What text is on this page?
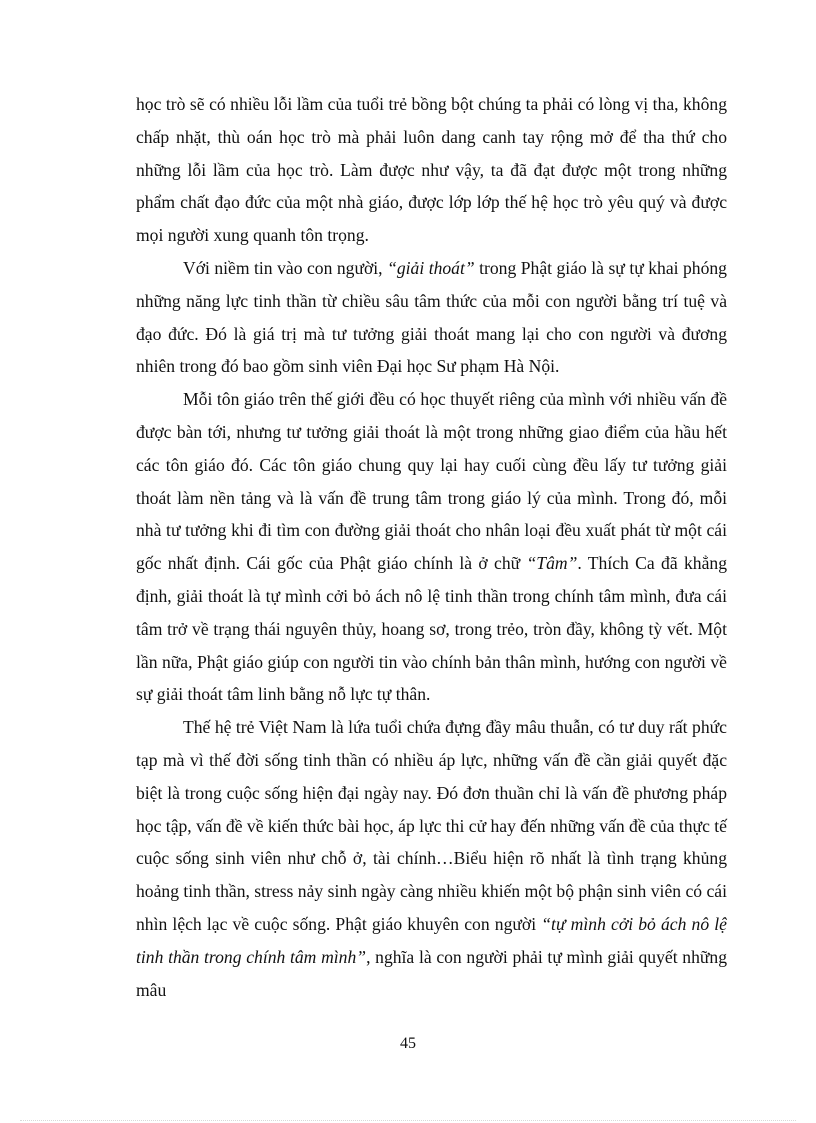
học trò sẽ có nhiều lỗi lầm của tuổi trẻ bồng bột chúng ta phải có lòng vị tha, không chấp nhặt, thù oán học trò mà phải luôn dang canh tay rộng mở để tha thứ cho những lỗi lầm của học trò. Làm được như vậy, ta đã đạt được một trong những phẩm chất đạo đức của một nhà giáo, được lớp lớp thế hệ học trò yêu quý và được mọi người xung quanh tôn trọng.

Với niềm tin vào con người, “giải thoát” trong Phật giáo là sự tự khai phóng những năng lực tinh thần từ chiều sâu tâm thức của mỗi con người bằng trí tuệ và đạo đức. Đó là giá trị mà tư tưởng giải thoát mang lại cho con người và đương nhiên trong đó bao gồm sinh viên Đại học Sư phạm Hà Nội.

Mỗi tôn giáo trên thế giới đều có học thuyết riêng của mình với nhiều vấn đề được bàn tới, nhưng tư tưởng giải thoát là một trong những giao điểm của hầu hết các tôn giáo đó. Các tôn giáo chung quy lại hay cuối cùng đều lấy tư tưởng giải thoát làm nền tảng và là vấn đề trung tâm trong giáo lý của mình. Trong đó, mỗi nhà tư tưởng khi đi tìm con đường giải thoát cho nhân loại đều xuất phát từ một cái gốc nhất định. Cái gốc của Phật giáo chính là ở chữ “Tâm”. Thích Ca đã khẳng định, giải thoát là tự mình cởi bỏ ách nô lệ tinh thần trong chính tâm mình, đưa cái tâm trở về trạng thái nguyên thủy, hoang sơ, trong trẻo, tròn đầy, không tỳ vết. Một lần nữa, Phật giáo giúp con người tin vào chính bản thân mình, hướng con người về sự giải thoát tâm linh bằng nỗ lực tự thân.

Thế hệ trẻ Việt Nam là lứa tuổi chứa đựng đầy mâu thuẫn, có tư duy rất phức tạp mà vì thế đời sống tinh thần có nhiều áp lực, những vấn đề cần giải quyết đặc biệt là trong cuộc sống hiện đại ngày nay. Đó đơn thuần chỉ là vấn đề phương pháp học tập, vấn đề về kiến thức bài học, áp lực thi cử hay đến những vấn đề của thực tế cuộc sống sinh viên như chỗ ở, tài chính…Biểu hiện rõ nhất là tình trạng khủng hoảng tinh thần, stress nảy sinh ngày càng nhiều khiến một bộ phận sinh viên có cái nhìn lệch lạc về cuộc sống. Phật giáo khuyên con người “tự mình cởi bỏ ách nô lệ tinh thần trong chính tâm mình”, nghĩa là con người phải tự mình giải quyết những mâu

45
